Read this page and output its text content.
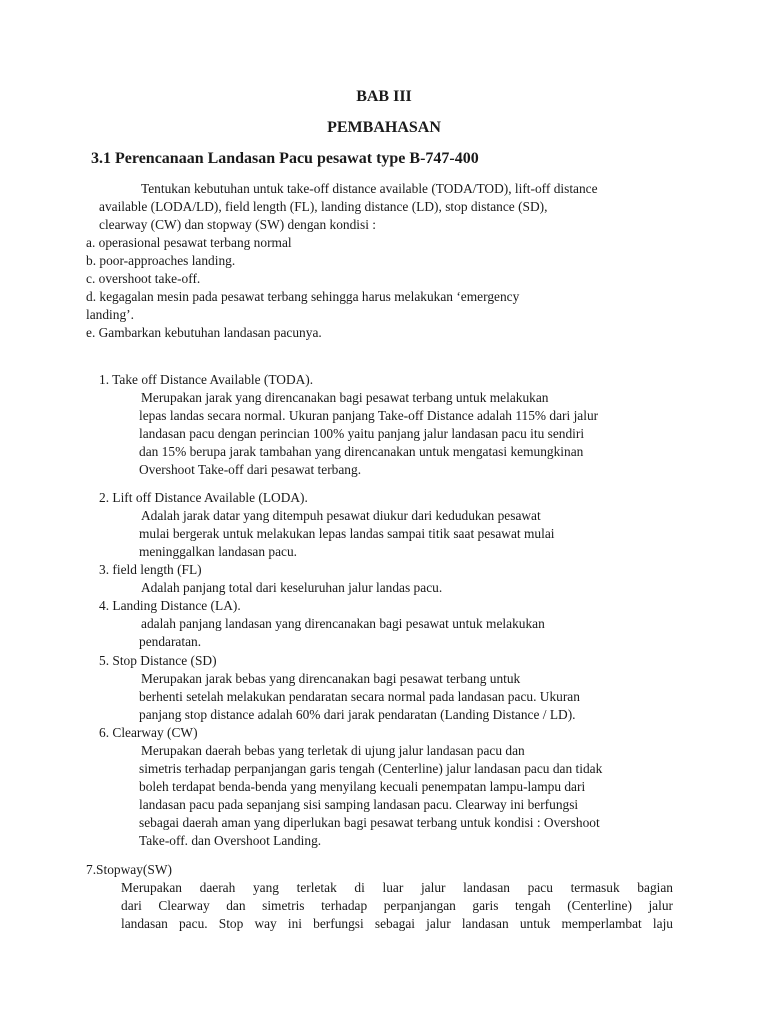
BAB III
PEMBAHASAN
3.1 Perencanaan Landasan Pacu pesawat type B-747-400
Tentukan kebutuhan untuk take-off distance available (TODA/TOD), lift-off distance
available (LODA/LD), field length (FL), landing distance (LD), stop distance (SD),
clearway (CW) dan stopway (SW) dengan kondisi :
a. operasional pesawat terbang normal
b. poor-approaches landing.
c. overshoot take-off.
d. kegagalan mesin pada pesawat terbang sehingga harus melakukan ‘emergency
landing’.
e. Gambarkan kebutuhan landasan pacunya.
1. Take off Distance Available (TODA).
Merupakan jarak yang direncanakan bagi pesawat terbang untuk melakukan
lepas landas secara normal. Ukuran panjang Take-off Distance adalah 115% dari jalur
landasan pacu dengan perincian 100% yaitu panjang jalur landasan pacu itu sendiri
dan 15% berupa jarak tambahan yang direncanakan untuk mengatasi kemungkinan
Overshoot Take-off dari pesawat terbang.
2. Lift off Distance Available (LODA).
Adalah jarak datar yang ditempuh pesawat diukur dari kedudukan pesawat
mulai bergerak untuk melakukan lepas landas sampai titik saat pesawat mulai
meninggalkan landasan pacu.
3. field length (FL)
Adalah panjang total dari keseluruhan jalur landas pacu.
4. Landing Distance (LA).
adalah panjang landasan yang direncanakan bagi pesawat untuk melakukan
pendaratan.
5. Stop Distance (SD)
Merupakan jarak bebas yang direncanakan bagi pesawat terbang untuk
berhenti setelah melakukan pendaratan secara normal pada landasan pacu. Ukuran
panjang stop distance adalah 60% dari jarak pendaratan (Landing Distance / LD).
6. Clearway (CW)
Merupakan daerah bebas yang terletak di ujung jalur landasan pacu dan
simetris terhadap perpanjangan garis tengah (Centerline) jalur landasan pacu dan tidak
boleh terdapat benda-benda yang menyilang kecuali penempatan lampu-lampu dari
landasan pacu pada sepanjang sisi samping landasan pacu. Clearway ini berfungsi
sebagai daerah aman yang diperlukan bagi pesawat terbang untuk kondisi : Overshoot
Take-off. dan Overshoot Landing.
7.Stopway(SW)
Merupakan daerah yang terletak di luar jalur landasan pacu termasuk bagian
dari Clearway dan simetris terhadap perpanjangan garis tengah (Centerline) jalur
landasan pacu. Stop way ini berfungsi sebagai jalur landasan untuk memperlambat laju
